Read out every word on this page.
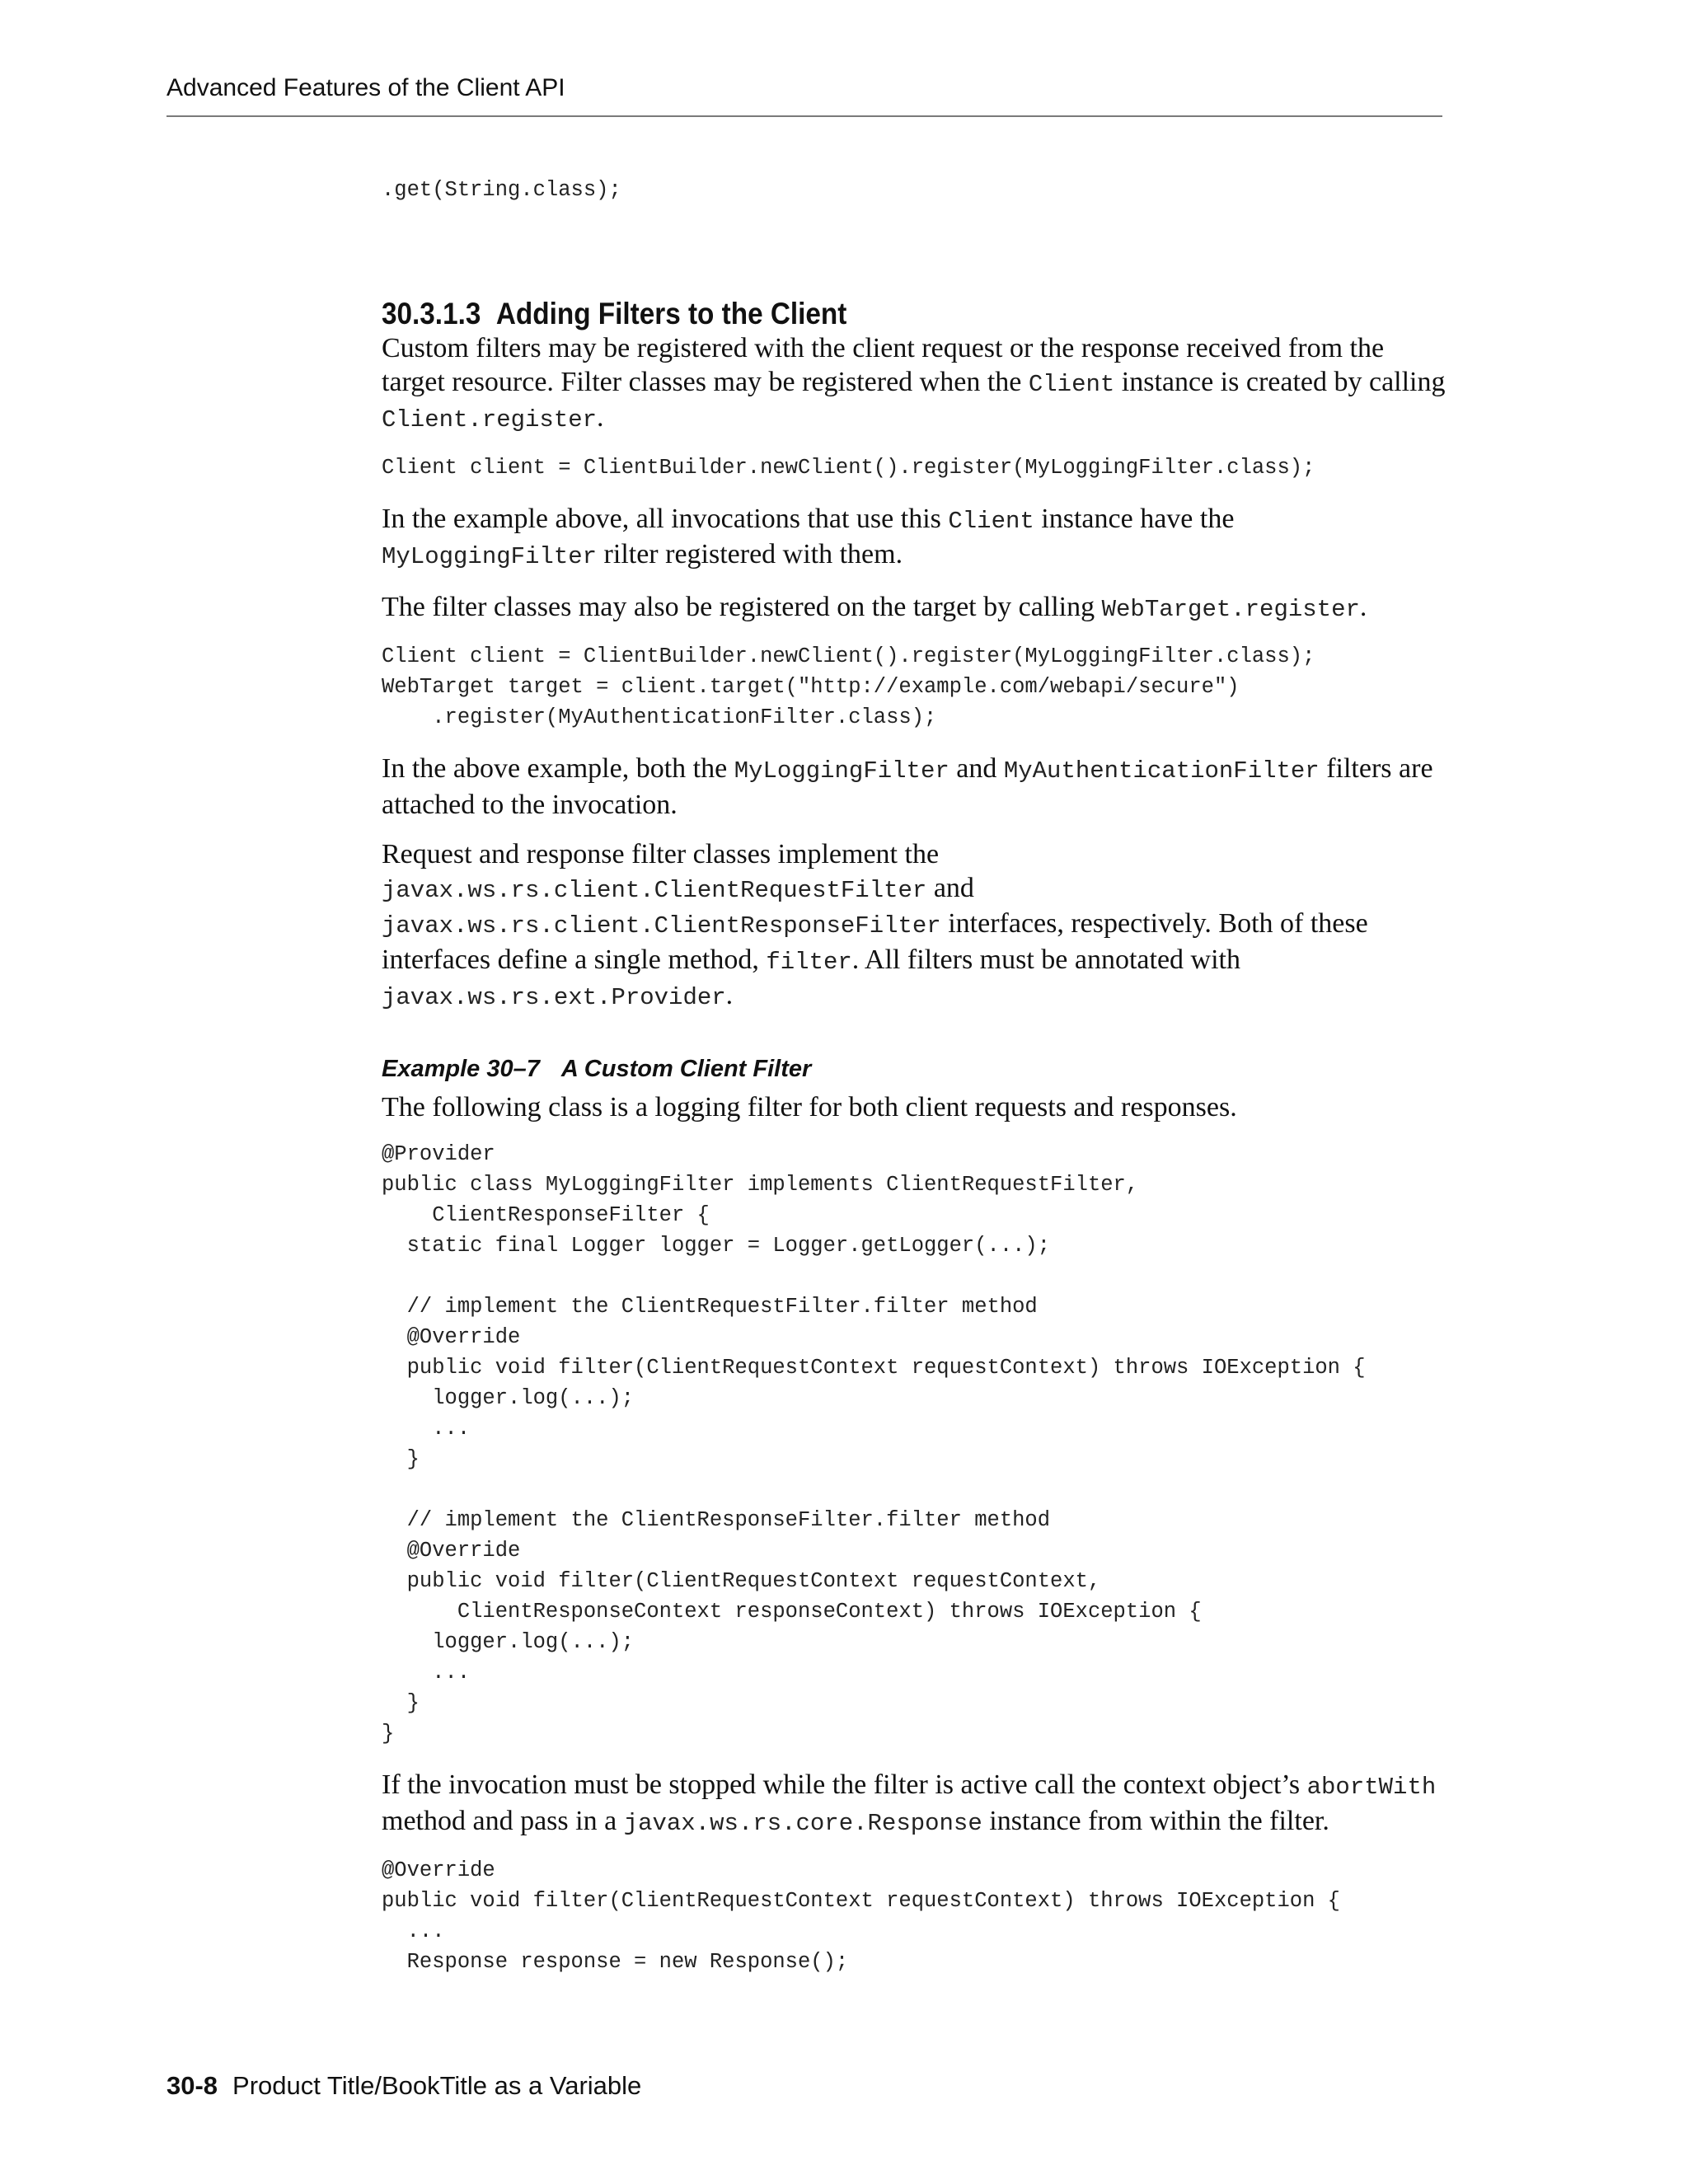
Advanced Features of the Client API
.get(String.class);
30.3.1.3 Adding Filters to the Client

Custom filters may be registered with the client request or the response received from the target resource. Filter classes may be registered when the Client instance is created by calling Client.register.

Client client = ClientBuilder.newClient().register(MyLoggingFilter.class);

In the example above, all invocations that use this Client instance have the MyLoggingFilter rilter registered with them.

The filter classes may also be registered on the target by calling WebTarget.register.

Client client = ClientBuilder.newClient().register(MyLoggingFilter.class);
WebTarget target = client.target("http://example.com/webapi/secure")
.register(MyAuthenticationFilter.class);

In the above example, both the MyLoggingFilter and MyAuthenticationFilter filters are attached to the invocation.

Request and response filter classes implement the
javax.ws.rs.client.ClientRequestFilter and
javax.ws.rs.client.ClientResponseFilter interfaces, respectively. Both of these interfaces define a single method, filter. All filters must be annotated with javax.ws.rs.ext.Provider.

Example 30–7 A Custom Client Filter

The following class is a logging filter for both client requests and responses.

@Provider
public class MyLoggingFilter implements ClientRequestFilter,
ClientResponseFilter {
static final Logger logger = Logger.getLogger(...);

// implement the ClientRequestFilter.filter method
@Override
public void filter(ClientRequestContext requestContext) throws IOException {
logger.log(...);
...
}

// implement the ClientResponseFilter.filter method
@Override
public void filter(ClientRequestContext requestContext,
ClientResponseContext responseContext) throws IOException {
logger.log(...);
...
}
}

If the invocation must be stopped while the filter is active call the context object’s abortWith method and pass in a javax.ws.rs.core.Response instance from within the filter.

@Override
public void filter(ClientRequestContext requestContext) throws IOException {
...
Response response = new Response();
30-8 Product Title/BookTitle as a Variable
